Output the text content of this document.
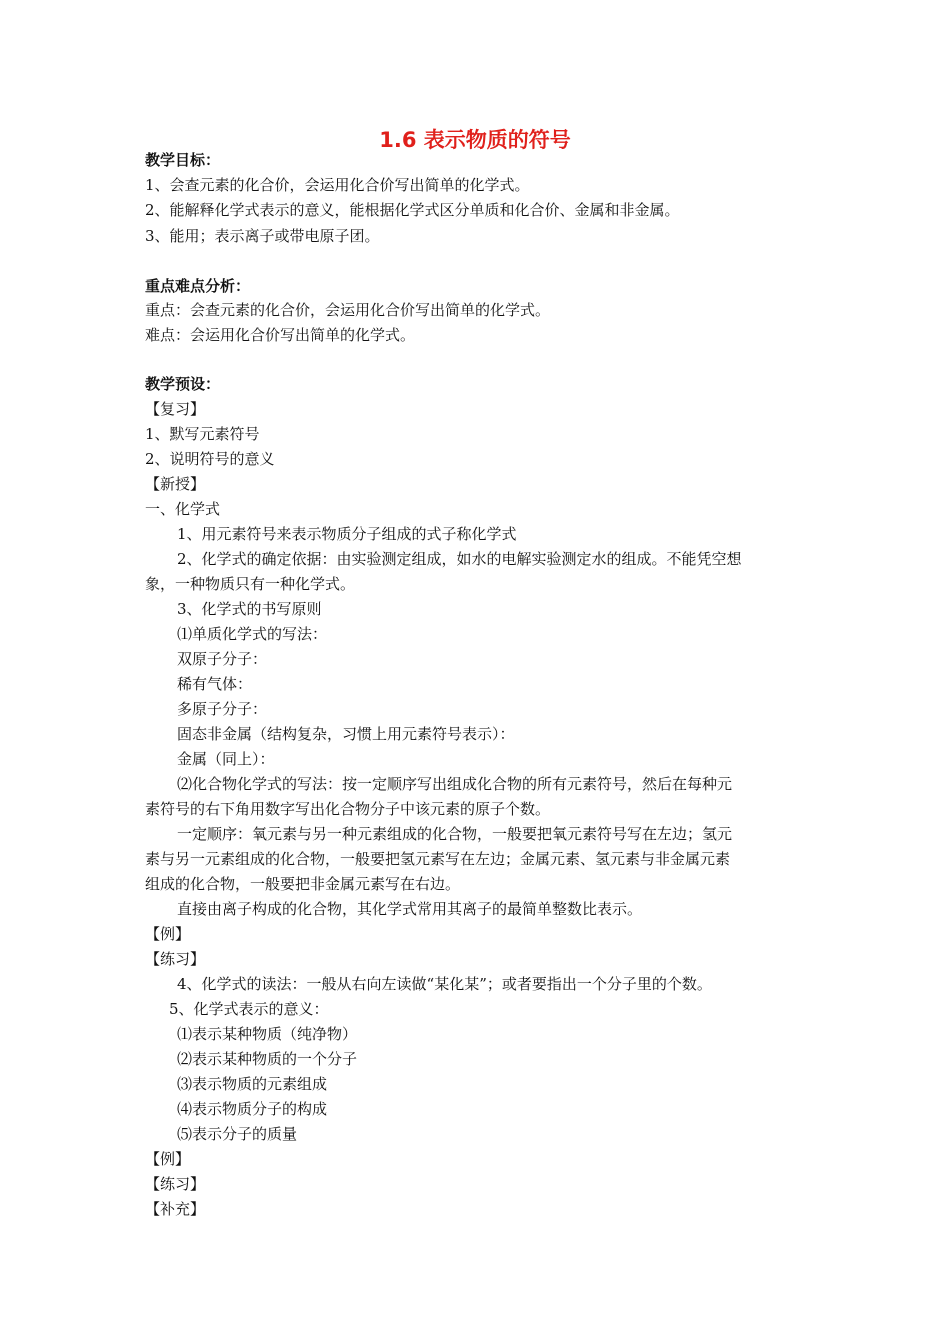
1.6 表示物质的符号
教学目标：
1、会查元素的化合价，会运用化合价写出简单的化学式。
2、能解释化学式表示的意义，能根据化学式区分单质和化合价、金属和非金属。
3、能用；表示离子或带电原子团。
重点难点分析：
重点：会查元素的化合价，会运用化合价写出简单的化学式。
难点：会运用化合价写出简单的化学式。
教学预设：
【复习】
1、默写元素符号
2、说明符号的意义
【新授】
一、化学式
1、用元素符号来表示物质分子组成的式子称化学式
2、化学式的确定依据：由实验测定组成，如水的电解实验测定水的组成。不能凭空想
象，一种物质只有一种化学式。
3、化学式的书写原则
⑴单质化学式的写法：
双原子分子：
稀有气体：
多原子分子：
固态非金属（结构复杂，习惯上用元素符号表示）：
金属（同上）：
⑵化合物化学式的写法：按一定顺序写出组成化合物的所有元素符号，然后在每种元
素符号的右下角用数字写出化合物分子中该元素的原子个数。
一定顺序：氧元素与另一种元素组成的化合物，一般要把氧元素符号写在左边；氢元
素与另一元素组成的化合物，一般要把氢元素写在左边；金属元素、氢元素与非金属元素
组成的化合物，一般要把非金属元素写在右边。
直接由离子构成的化合物，其化学式常用其离子的最简单整数比表示。
【例】
【练习】
4、化学式的读法：一般从右向左读做“某化某”；或者要指出一个分子里的个数。
5、化学式表示的意义：
⑴表示某种物质（纯净物）
⑵表示某种物质的一个分子
⑶表示物质的元素组成
⑷表示物质分子的构成
⑸表示分子的质量
【例】
【练习】
【补充】
